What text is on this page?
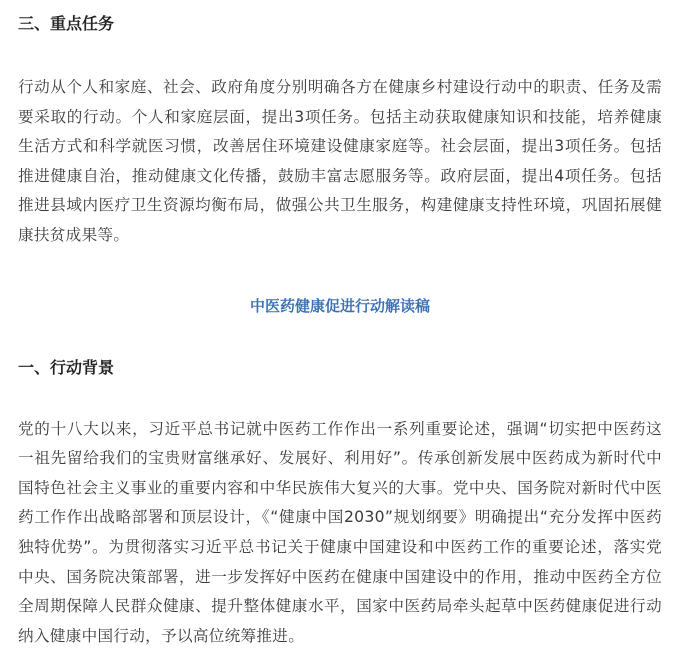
三、重点任务

行动从个人和家庭、社会、政府角度分别明确各方在健康乡村建设行动中的职责、任务及需要采取的行动。个人和家庭层面，提出3项任务。包括主动获取健康知识和技能，培养健康生活方式和科学就医习惯，改善居住环境建设健康家庭等。社会层面，提出3项任务。包括推进健康自治，推动健康文化传播，鼓励丰富志愿服务等。政府层面，提出4项任务。包括推进县域内医疗卫生资源均衡布局，做强公共卫生服务，构建健康支持性环境，巩固拓展健康扶贫成果等。

中医药健康促进行动解读稿
一、行动背景

党的十八大以来，习近平总书记就中医药工作作出一系列重要论述，强调“切实把中医药这一祖先留给我们的宝贵财富继承好、发展好、利用好”。传承创新发展中医药成为新时代中国特色社会主义事业的重要内容和中华民族伟大复兴的大事。党中央、国务院对新时代中医药工作作出战略部署和顶层设计，《“健康中国2030”规划纲要》明确提出“充分发挥中医药独特优势”。为贯彻落实习近平总书记关于健康中国建设和中医药工作的重要论述，落实党中央、国务院决策部署，进一步发挥好中医药在健康中国建设中的作用，推动中医药全方位全周期保障人民群众健康、提升整体健康水平，国家中医药局牵头起草中医药健康促进行动纳入健康中国行动，予以高位统筹推进。
